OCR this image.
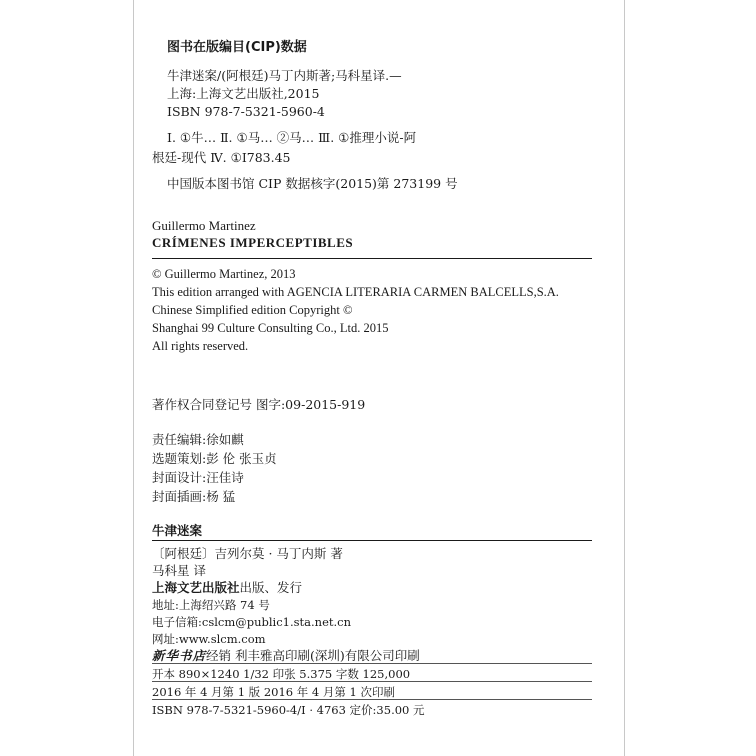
图书在版编目(CIP)数据
牛津迷案/(阿根廷)马丁内斯著;马科星译.—
上海:上海文艺出版社,2015
ISBN 978-7-5321-5960-4
Ⅰ. ①牛… Ⅱ. ①马… ②马… Ⅲ. ①推理小说-阿
根廷-现代 Ⅳ. ①I783.45
中国版本图书馆 CIP 数据核字(2015)第 273199 号
Guillermo Martinez
CRÍMENES IMPERCEPTIBLES
© Guillermo Martinez, 2013
This edition arranged with AGENCIA LITERARIA CARMEN BALCELLS,S.A.
Chinese Simplified edition Copyright ©
Shanghai 99 Culture Consulting Co., Ltd. 2015
All rights reserved.
著作权合同登记号 图字:09-2015-919
责任编辑:徐如麒
选题策划:彭 伦 张玉贞
封面设计:汪佳诗
封面插画:杨 猛
牛津迷案
〔阿根廷〕吉列尔莫 · 马丁内斯 著
马科星 译
上海文艺出版社出版、发行
地址:上海绍兴路 74 号
电子信箱:cslcm@public1.sta.net.cn
网址:www.slcm.com
新华书店经销 利丰雅高印刷(深圳)有限公司印刷
开本 890×1240 1/32 印张 5.375 字数 125,000
2016 年 4 月第 1 版 2016 年 4 月第 1 次印刷
ISBN 978-7-5321-5960-4/I · 4763 定价:35.00 元
